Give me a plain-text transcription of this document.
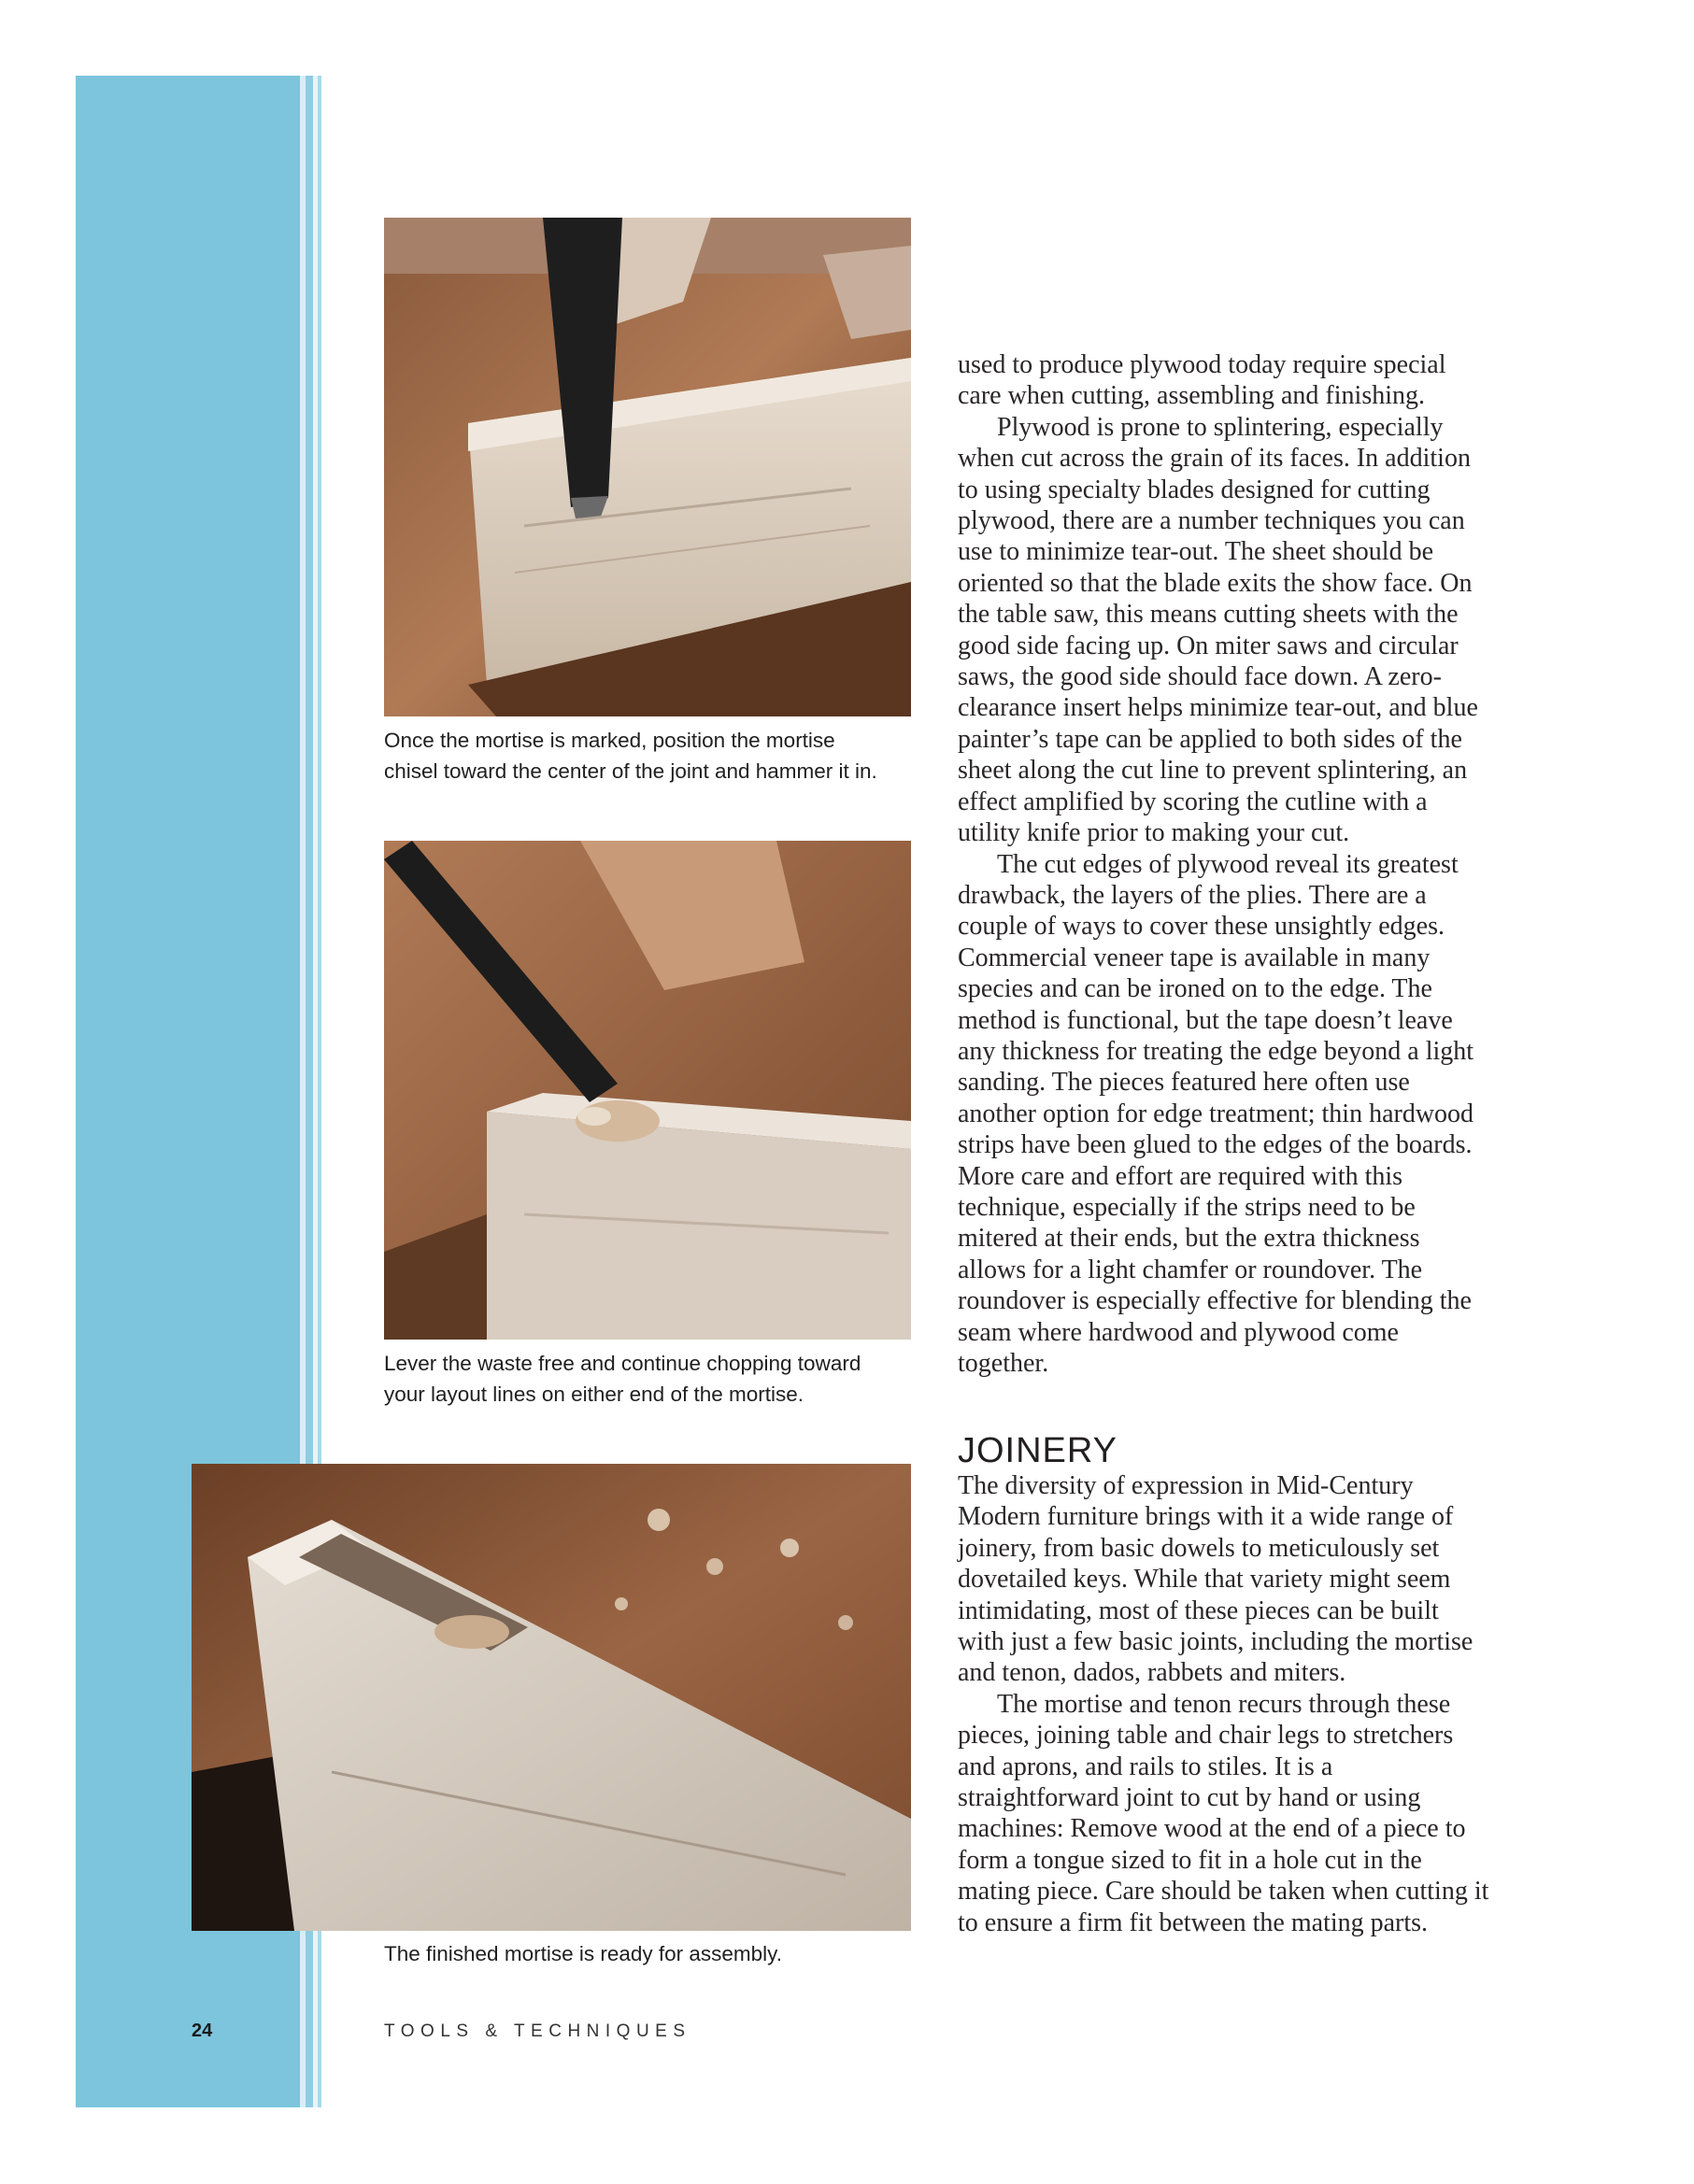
Once the mortise is marked, position the mortise
chisel toward the center of the joint and hammer it in.
Lever the waste free and continue chopping toward
your layout lines on either end of the mortise.
The finished mortise is ready for assembly.

used to produce plywood today require special care when cutting, assembling and finishing.

Plywood is prone to splintering, especially when cut across the grain of its faces. In addition to using specialty blades designed for cutting plywood, there are a number techniques you can use to minimize tear-out. The sheet should be oriented so that the blade exits the show face. On the table saw, this means cutting sheets with the good side facing up. On miter saws and circular saws, the good side should face down. A zero-clearance insert helps minimize tear-out, and blue painter’s tape can be applied to both sides of the sheet along the cut line to prevent splintering, an effect amplified by scoring the cutline with a utility knife prior to making your cut.

The cut edges of plywood reveal its greatest drawback, the layers of the plies. There are a couple of ways to cover these unsightly edges. Commercial veneer tape is available in many species and can be ironed on to the edge. The method is functional, but the tape doesn’t leave any thickness for treating the edge beyond a light sanding. The pieces featured here often use another option for edge treatment; thin hardwood strips have been glued to the edges of the boards. More care and effort are required with this technique, especially if the strips need to be mitered at their ends, but the extra thickness allows for a light chamfer or roundover. The roundover is especially effective for blending the seam where hardwood and plywood come together.

JOINERY

The diversity of expression in Mid-Century Modern furniture brings with it a wide range of joinery, from basic dowels to meticulously set dovetailed keys. While that variety might seem intimidating, most of these pieces can be built with just a few basic joints, including the mortise and tenon, dados, rabbets and miters.

The mortise and tenon recurs through these pieces, joining table and chair legs to stretchers and aprons, and rails to stiles. It is a straightforward joint to cut by hand or using machines: Remove wood at the end of a piece to form a tongue sized to fit in a hole cut in the mating piece. Care should be taken when cutting it to ensure a firm fit between the mating parts.

24	TOOLS & TECHNIQUES
